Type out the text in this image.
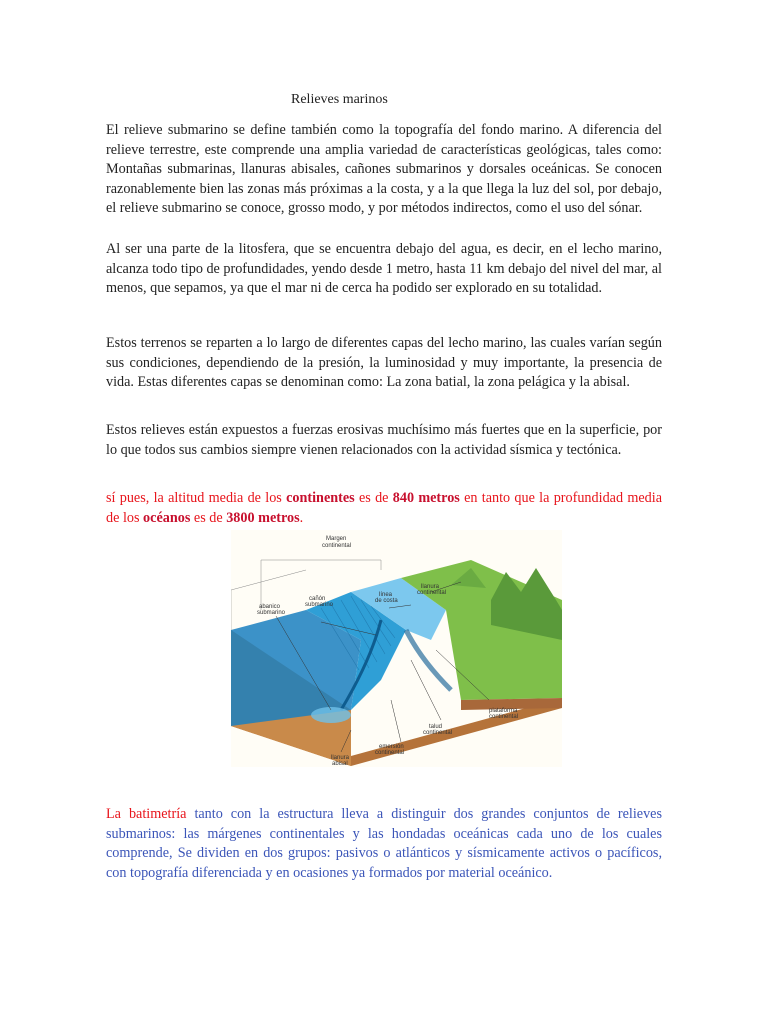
Relieves marinos

El relieve submarino se define también como la topografía del fondo marino. A diferencia del relieve terrestre, este comprende una amplia variedad de características geológicas, tales como: Montañas submarinas, llanuras abisales, cañones submarinos y dorsales oceánicas. Se conocen razonablemente bien las zonas más próximas a la costa, y a la que llega la luz del sol, por debajo, el relieve submarino se conoce, grosso modo, y por métodos indirectos, como el uso del sónar.

Al ser una parte de la litosfera, que se encuentra debajo del agua, es decir, en el lecho marino, alcanza todo tipo de profundidades, yendo desde 1 metro, hasta 11 km debajo del nivel del mar, al menos, que sepamos, ya que el mar ni de cerca ha podido ser explorado en su totalidad.

Estos terrenos se reparten a lo largo de diferentes capas del lecho marino, las cuales varían según sus condiciones, dependiendo de la presión, la luminosidad y muy importante, la presencia de vida. Estas diferentes capas se denominan como: La zona batial, la zona pelágica y la abisal.

Estos relieves están expuestos a fuerzas erosivas muchísimo más fuertes que en la superficie, por lo que todos sus cambios siempre vienen relacionados con la actividad sísmica y tectónica.

sí pues, la altitud media de los continentes es de 840 metros en tanto que la profundidad media de los océanos es de 3800 metros.

Margen
continental
abanico
submarino
cañón
submarino
línea
de costa
llanura
continental
plataforma
continental
talud
continental
emersión
continental
llanura
abisal

La batimetría tanto con la estructura lleva a distinguir dos grandes conjuntos de relieves submarinos: las márgenes continentales y las hondadas oceánicas cada uno de los cuales comprende, Se dividen en dos grupos: pasivos o atlánticos y sísmicamente activos o pacíficos, con topografía diferenciada y en ocasiones ya formados por material oceánico.
